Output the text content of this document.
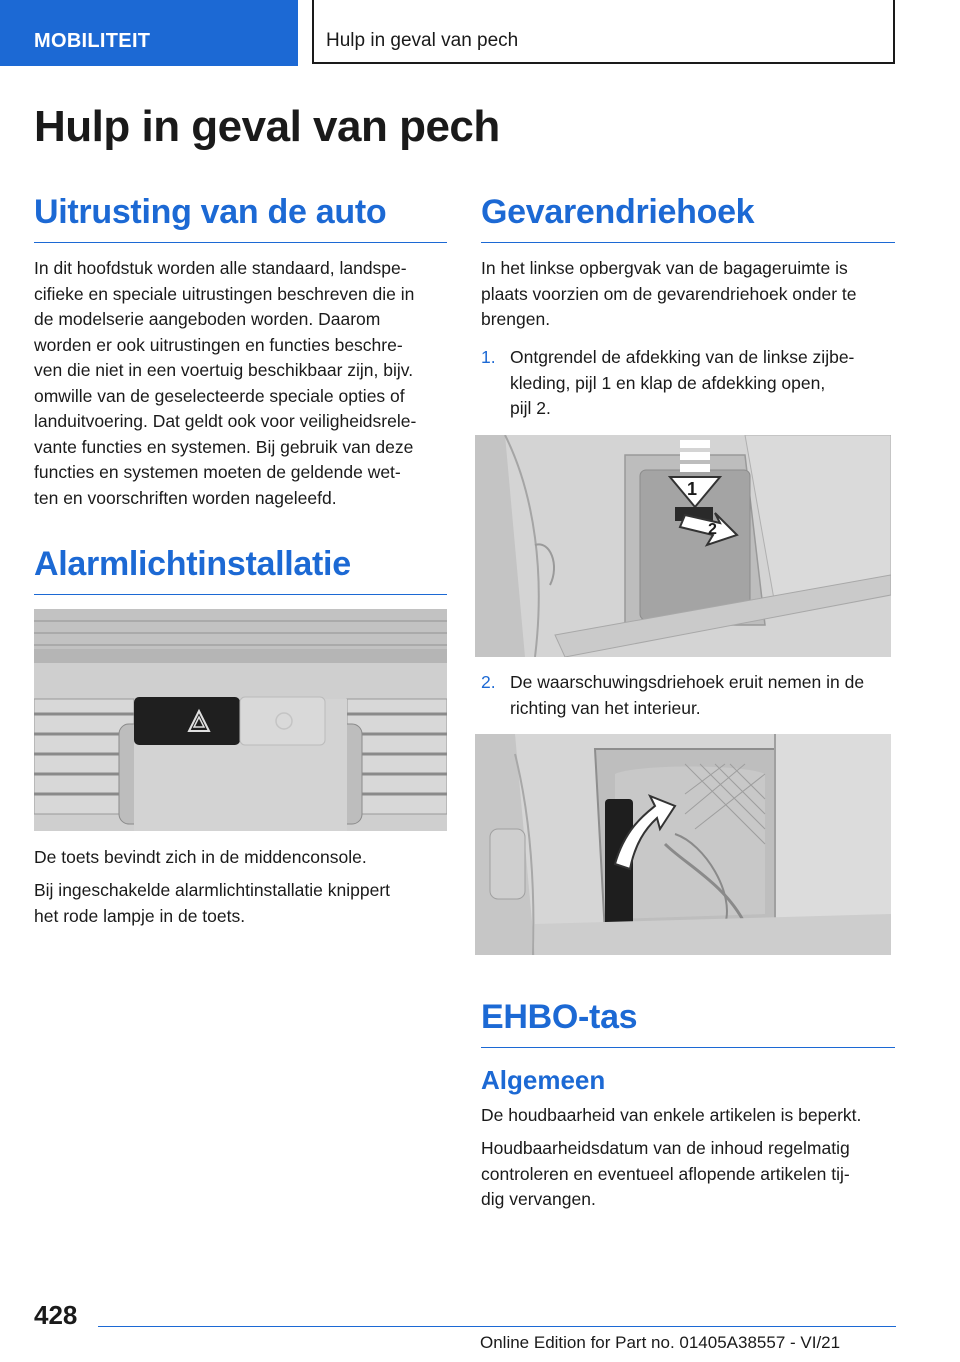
MOBILITEIT	Hulp in geval van pech
Hulp in geval van pech
Uitrusting van de auto
In dit hoofdstuk worden alle standaard, landspe-
cifieke en speciale uitrustingen beschreven die in
de modelserie aangeboden worden. Daarom
worden er ook uitrustingen en functies beschre-
ven die niet in een voertuig beschikbaar zijn, bijv.
omwille van de geselecteerde speciale opties of
landuitvoering. Dat geldt ook voor veiligheidsrele-
vante functies en systemen. Bij gebruik van deze
functies en systemen moeten de geldende wet-
ten en voorschriften worden nageleefd.
Alarmlichtinstallatie
De toets bevindt zich in de middenconsole.
Bij ingeschakelde alarmlichtinstallatie knippert
het rode lampje in de toets.
Gevarendriehoek
In het linkse opbergvak van de bagageruimte is
plaats voorzien om de gevarendriehoek onder te
brengen.
1. Ontgrendel de afdekking van de linkse zijbe-
kleding, pijl 1 en klap de afdekking open,
pijl 2.
1
2
2. De waarschuwingsdriehoek eruit nemen in de
richting van het interieur.
EHBO-tas
Algemeen
De houdbaarheid van enkele artikelen is beperkt.
Houdbaarheidsdatum van de inhoud regelmatig
controleren en eventueel aflopende artikelen tij-
dig vervangen.
428
Online Edition for Part no. 01405A38557 - VI/21
